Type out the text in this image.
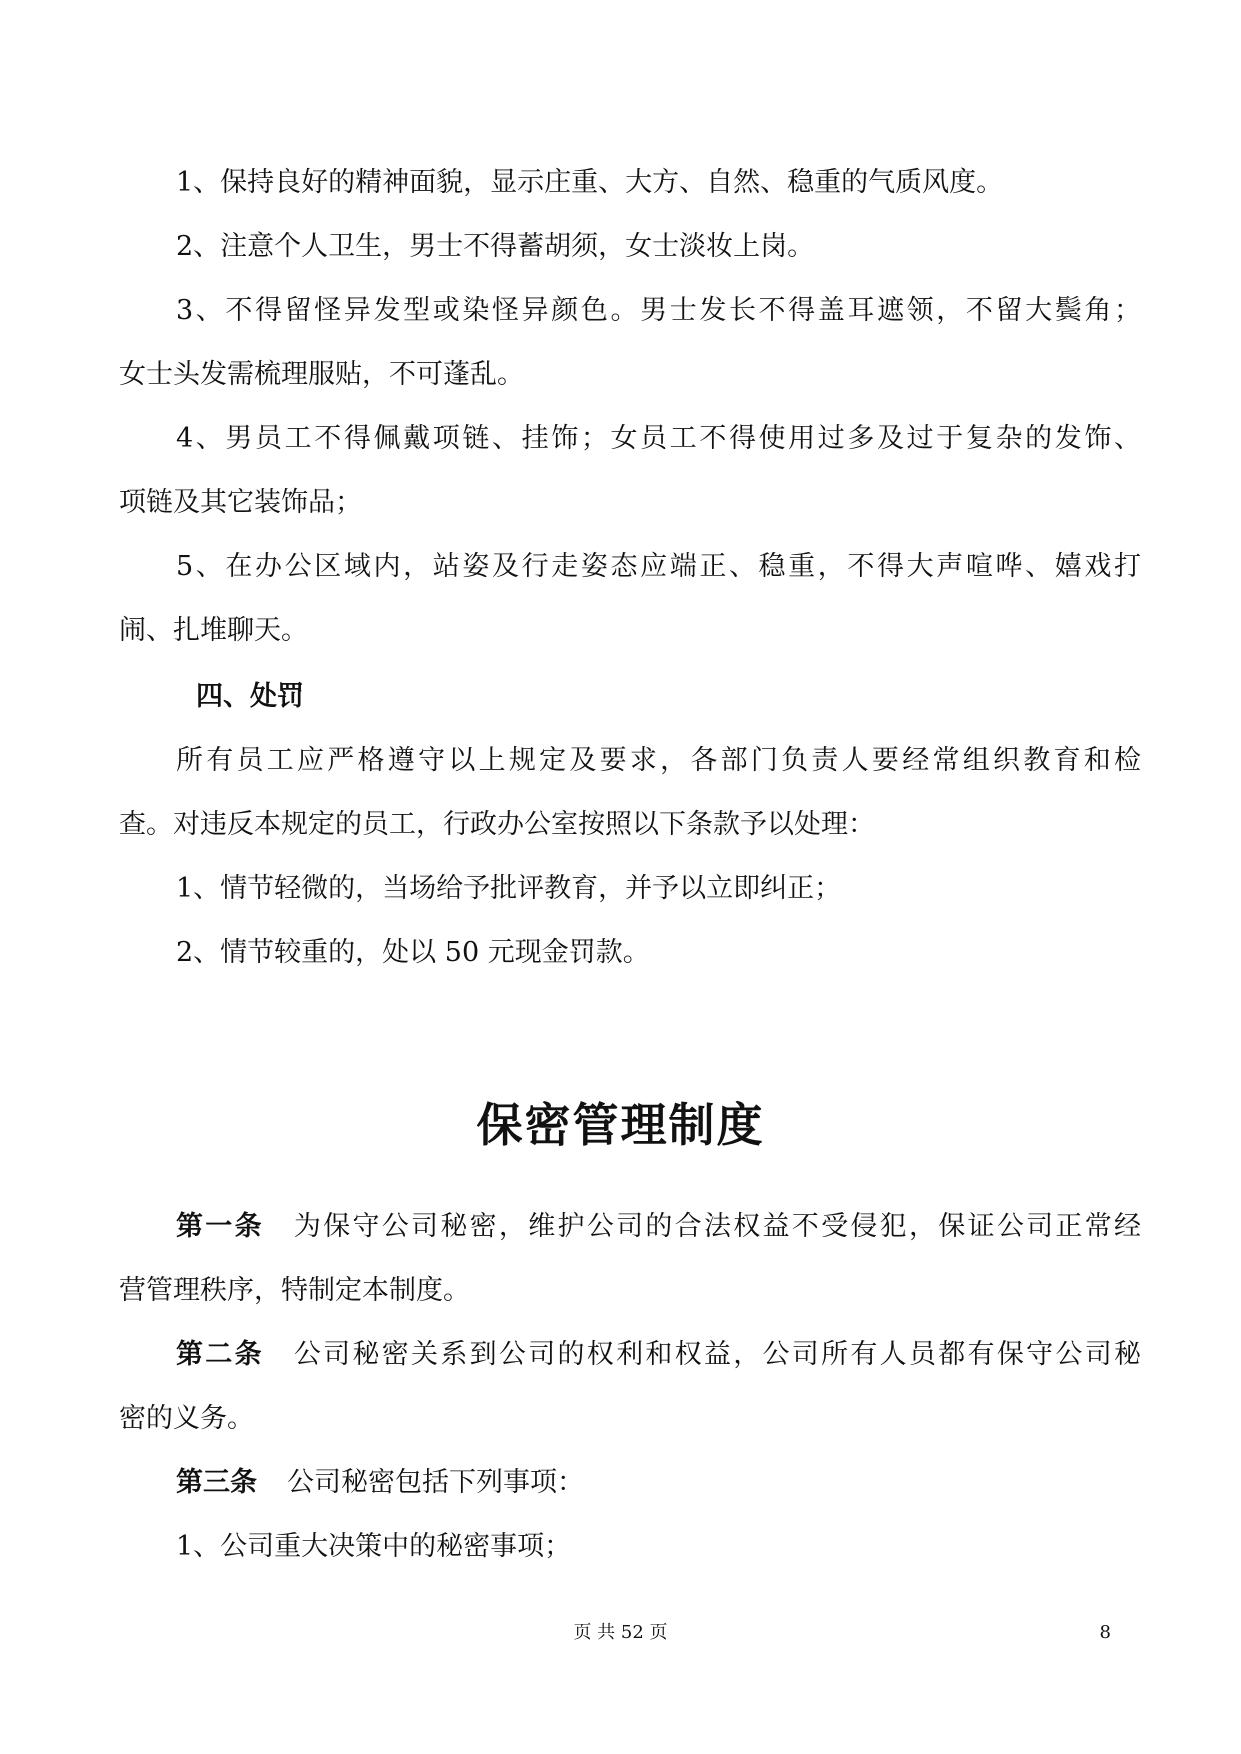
1、保持良好的精神面貌，显示庄重、大方、自然、稳重的气质风度。
2、注意个人卫生，男士不得蓄胡须，女士淡妆上岗。
3、不得留怪异发型或染怪异颜色。男士发长不得盖耳遮领，不留大鬓角；
女士头发需梳理服贴，不可蓬乱。
4、男员工不得佩戴项链、挂饰；女员工不得使用过多及过于复杂的发饰、
项链及其它装饰品；
5、在办公区域内，站姿及行走姿态应端正、稳重，不得大声喧哗、嬉戏打
闹、扎堆聊天。
四、处罚
所有员工应严格遵守以上规定及要求，各部门负责人要经常组织教育和检
查。对违反本规定的员工，行政办公室按照以下条款予以处理：
1、情节轻微的，当场给予批评教育，并予以立即纠正；
2、情节较重的，处以 50 元现金罚款。
保密管理制度
第一条 为保守公司秘密，维护公司的合法权益不受侵犯，保证公司正常经
营管理秩序，特制定本制度。
第二条 公司秘密关系到公司的权利和权益，公司所有人员都有保守公司秘
密的义务。
第三条 公司秘密包括下列事项：
1、公司重大决策中的秘密事项；
页 共 52 页	8
